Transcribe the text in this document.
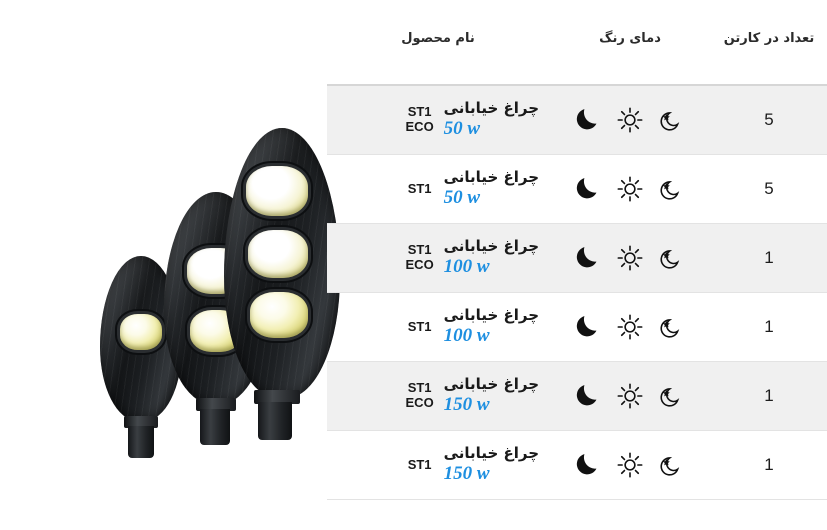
تعداد در کارتن	دمای رنگ	نام محصول
5		چراغ خیابانی
50 w
ST1
ECO

5		چراغ خیابانی
50 w
ST1

1		چراغ خیابانی
100 w
ST1
ECO

1		چراغ خیابانی
100 w
ST1

1		چراغ خیابانی
150 w
ST1
ECO

1		چراغ خیابانی
150 w
ST1
